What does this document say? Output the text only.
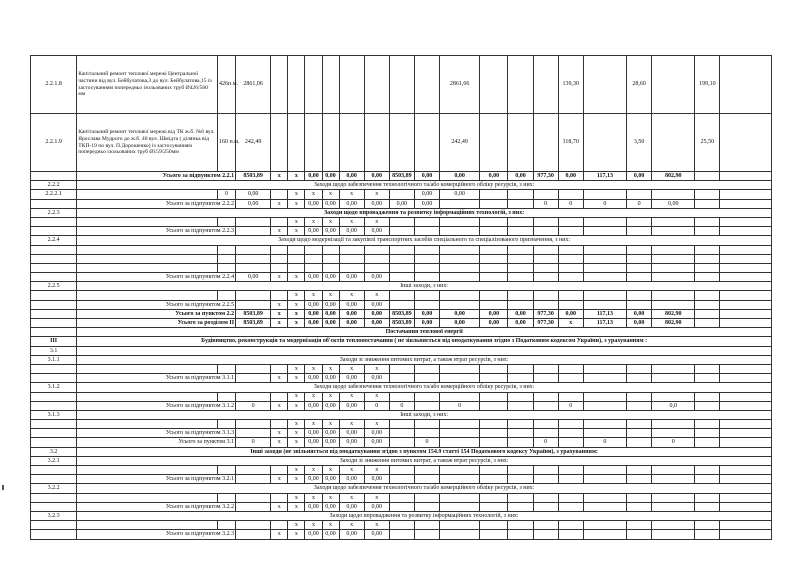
2.2.1.8	Капітальний ремонт теплової мережі Центральної частини від вул. Бейбулатова,3 до вул. Бейбулатова,15 із застосуванням попередньо ізольованих труб Ø426/560 мм	426п.м.	2861,06									2861,06				139,30		28,60		199,10	
2.2.1.9	Капітальний ремонт теплової мережі від ТК ж.б. №6 вул. Ярослава Мудрого до ж.б. 40 вул. Шмідта ( ділянка від ТКП-19 по вул. П.Дорошенко) із застосуванням попередньо ізольованих труб Ø159/250мм	160 п.м.	242,49									242,49				118,70		3,50		25,50	
	Усього за підпунктом 2.2.1		8503,89	x	x	0,00	0,00	0,00	0,00	8503,89	0,00	0,00	0,00	0,00	977,30	0,00	117,13	0,00	802,90		
2.2.2	Заходи щодо забезпечення технологічного та/або комерційного обліку ресурсів, з них:																				
2.2.2.1		0	0,00		x	x	x	x	x		0,00	0,00									
	Усього за підпунктом 2.2.2		0,00	x	x	0,00	0,00	0,00	0,00	0,00	0,00				0	0	0	0	0,00		
2.2.3	Заходи щодо впровадження та розвитку інформаційних технологій, з них:																				
					x	x	x	x	x												
	Усього за підпунктом 2.2.3			x	x	0,00	0,00	0,00	0,00												
2.2.4	Заходи щодо модернізації та закупівлі транспортних засобів спеціального та спеціалізованого призначення, з них:																				

	Усього за підпунктом 2.2.4		0,00	x	x	0,00	0,00	0,00	0,00												
2.2.5	Інші заходи, з них:																				
					x	x	x	x	x												
	Усього за підпунктом 2.2.5			x	x	0,00	0,00	0,00	0,00												
	Усього за пунктом 2.2		8503,89	x	x	0,00	0,00	0,00	0,00	8503,89	0,00	0,00	0,00	0,00	977,30	0,00	117,13	0,00	802,90		
	Усього за розділом II		8503,89	x	x	0,00	0,00	0,00	0,00	8503,89	0,00	0,00	0,00	0,00	977,30	x	117,13	0,00	802,90		
	Постачання теплової енергії																				
III	Будівництво, реконструкція та модернізація об'єктів теплопостачання ( не зівльняється від оподаткування згідно з Податковим кодексом України), з урахуванням :																				
3.1																					
3.1.1	Заходи зі зниження питомих витрат, а також втрат ресурсів, з них:																				
					x	x	x	x	x												
	Усього за підпунктом 3.1.1			x	x	0,00	0,00	0,00	0,00												
3.1.2	Заходи щодо забезпечення технологічного та/або комерційного обліку ресурсів, з них:																				
					x	x	x	x	x												
	Усього за підпунктом 3.1.2		0	x	x	0,00	0,00	0,00	0	0		0				0			0,0		
3.1.3	Інші заходи, з них:																				
					x	x	x	x	x												
	Усього за підпунктом 3.1.3			x	x	0,00	0,00	0,00	0,00												
	Усього за пунктом 3.1		0	x	x	0,00	0,00	0,00	0,00		0				0		0		0		
3.2	Інші заходи (не звільняється від оподаткування згідно з пунктом 154.9 статті 154 Податкового кодексу України), з урахуванням:																				
3.2.1	Заходи зі зниження питомих витрат, а також втрат ресурсів, з них:																				
					x	x	x	x	x												
	Усього за підпунктом 3.2.1			x	x	0,00	0,00	0,00	0,00												
3.2.2	Заходи щодо забезпечення технологічного та/або комерційного обліку ресурсів, з них:																				
					x	x	x	x	x												
	Усього за підпунктом 3.2.2			x	x	0,00	0,00	0,00	0,00												
3.2.3	Заходи щодо впровадження та розвитку інформаційних технологій, з них:																				
					x	x	x	x	x												
	Усього за підпунктом 3.2.3			x	x	0,00	0,00	0,00	0,00												
